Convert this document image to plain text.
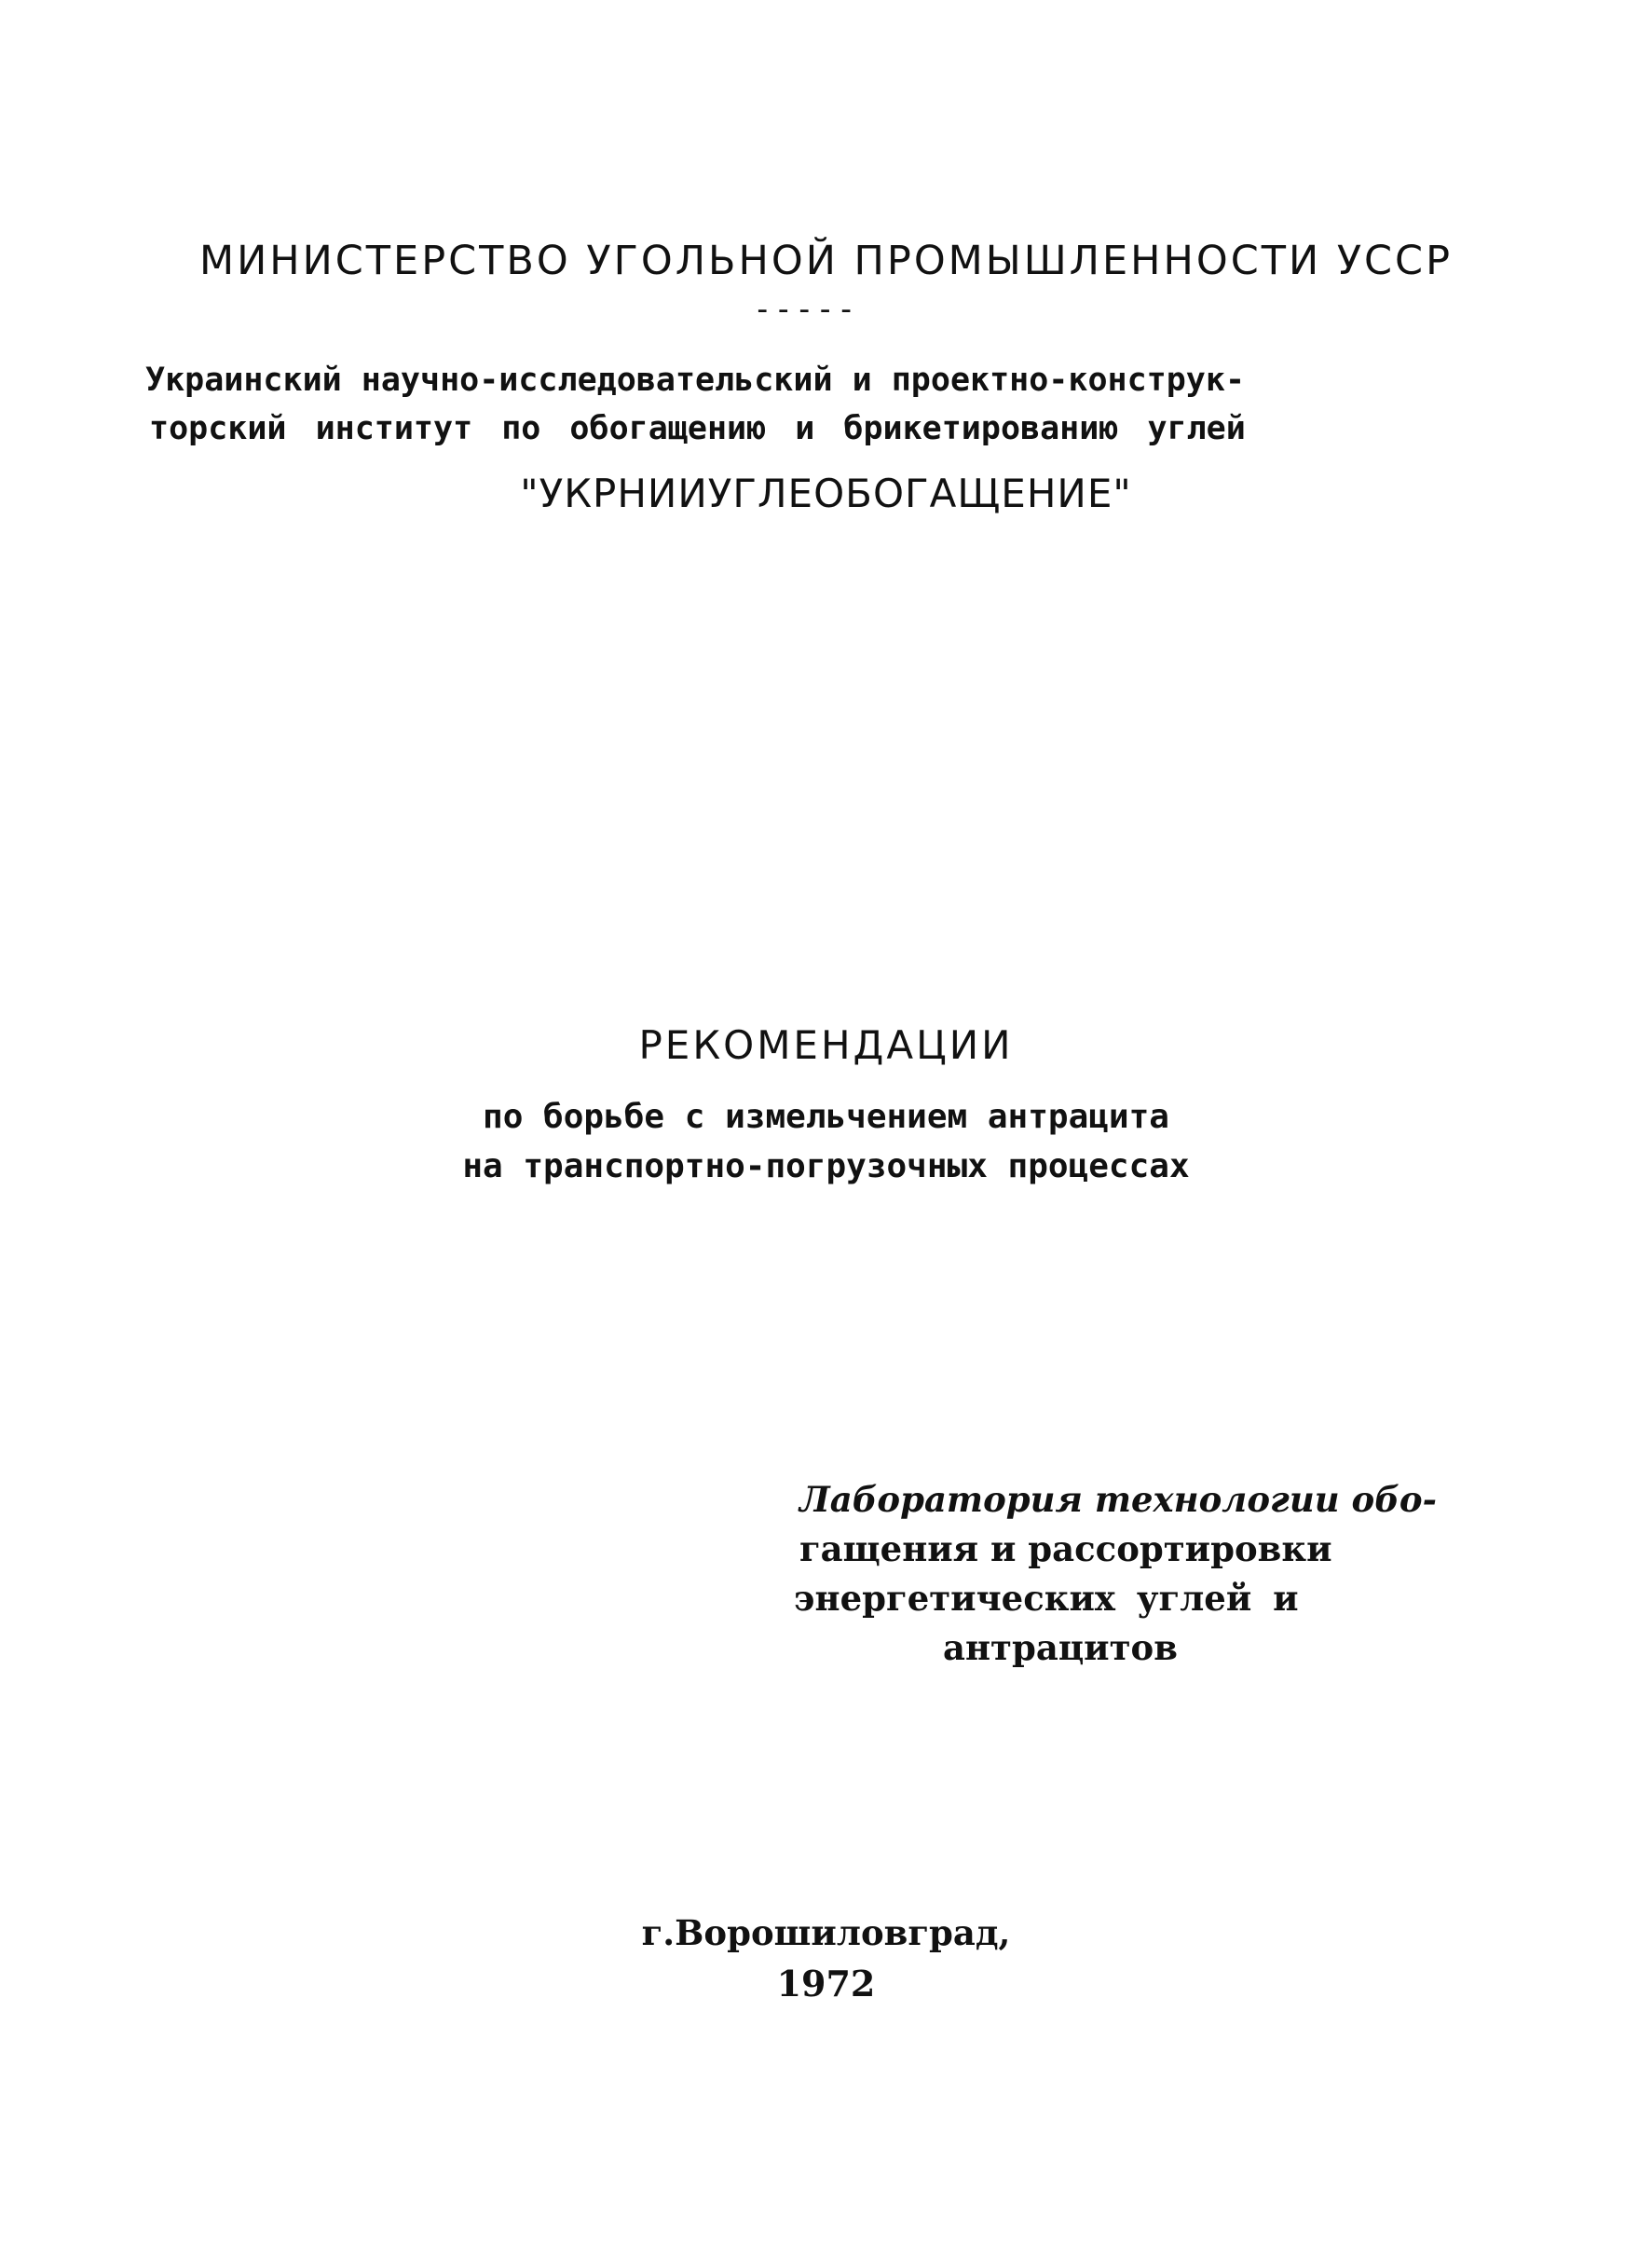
МИНИСТЕРСТВО УГОЛЬНОЙ ПРОМЫШЛЕННОСТИ УССР
-----
Украинский научно-исследовательский и проектно-конструк-
торский институт по обогащению и брикетированию углей
"УКРНИИУГЛЕОБОГАЩЕНИЕ"
РЕКОМЕНДАЦИИ
по борьбе с измельчением антрацита
на транспортно-погрузочных процессах
Лаборатория технологии обо-
гащения и рассортировки
энергетических углей и
антрацитов
г.Ворошиловград,
1972
